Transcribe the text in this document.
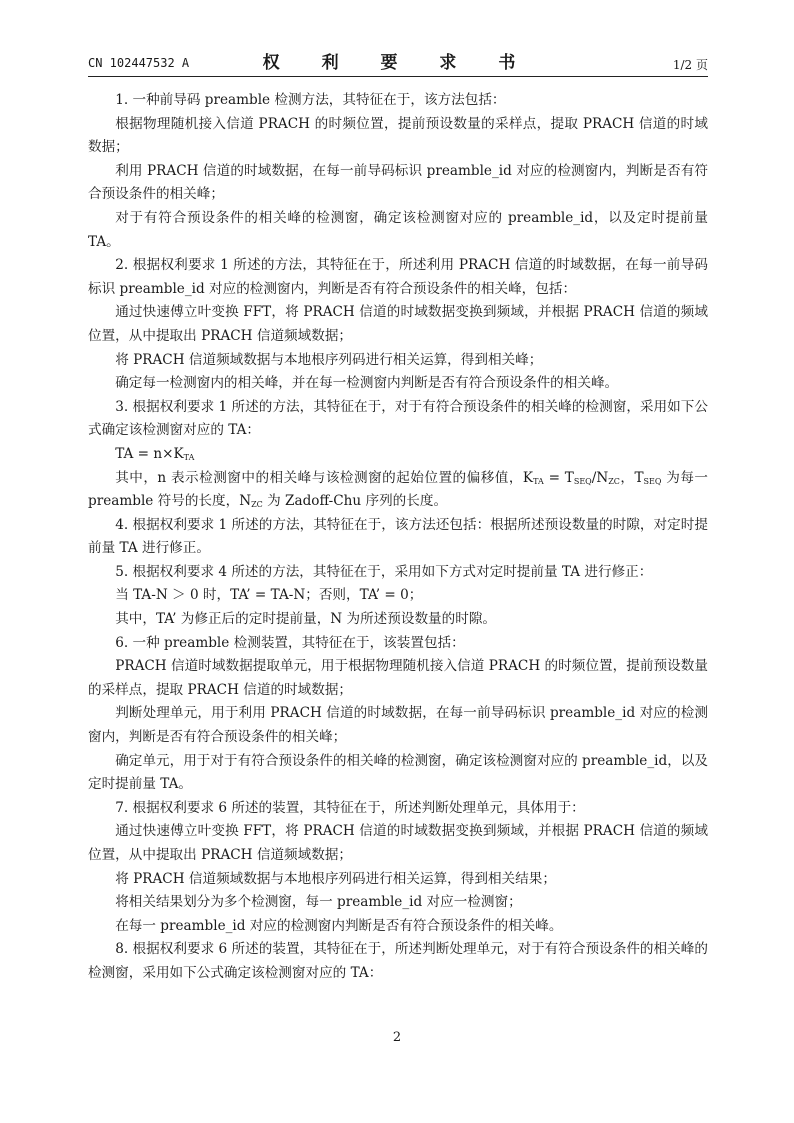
CN 102447532 A	权 利 要 求 书	1/2 页

1. 一种前导码 preamble 检测方法，其特征在于，该方法包括：

根据物理随机接入信道 PRACH 的时频位置，提前预设数量的采样点，提取 PRACH 信道的时域数据；

利用 PRACH 信道的时域数据，在每一前导码标识 preamble_id 对应的检测窗内，判断是否有符合预设条件的相关峰；

对于有符合预设条件的相关峰的检测窗，确定该检测窗对应的 preamble_id，以及定时提前量 TA。

2. 根据权利要求 1 所述的方法，其特征在于，所述利用 PRACH 信道的时域数据，在每一前导码标识 preamble_id 对应的检测窗内，判断是否有符合预设条件的相关峰，包括：

通过快速傅立叶变换 FFT，将 PRACH 信道的时域数据变换到频域，并根据 PRACH 信道的频域位置，从中提取出 PRACH 信道频域数据；

将 PRACH 信道频域数据与本地根序列码进行相关运算，得到相关峰；

确定每一检测窗内的相关峰，并在每一检测窗内判断是否有符合预设条件的相关峰。

3. 根据权利要求 1 所述的方法，其特征在于，对于有符合预设条件的相关峰的检测窗，采用如下公式确定该检测窗对应的 TA：

TA = $n\times K_{TA}$

其中，n 表示检测窗中的相关峰与该检测窗的起始位置的偏移值，$K_{TA} = T_{SEQ}/N_{ZC}$，$T_{SEQ}$ 为每一 preamble 符号的长度，$N_{ZC}$ 为 Zadoff-Chu 序列的长度。

4. 根据权利要求 1 所述的方法，其特征在于，该方法还包括：根据所述预设数量的时隙，对定时提前量 TA 进行修正。

5. 根据权利要求 4 所述的方法，其特征在于，采用如下方式对定时提前量 TA 进行修正：

当 TA-N ＞ 0 时，TA’ = TA-N；否则，TA’ = 0；

其中，TA’ 为修正后的定时提前量，N 为所述预设数量的时隙。

6. 一种 preamble 检测装置，其特征在于，该装置包括：

PRACH 信道时域数据提取单元，用于根据物理随机接入信道 PRACH 的时频位置，提前预设数量的采样点，提取 PRACH 信道的时域数据；

判断处理单元，用于利用 PRACH 信道的时域数据，在每一前导码标识 preamble_id 对应的检测窗内，判断是否有符合预设条件的相关峰；

确定单元，用于对于有符合预设条件的相关峰的检测窗，确定该检测窗对应的 preamble_id，以及定时提前量 TA。

7. 根据权利要求 6 所述的装置，其特征在于，所述判断处理单元，具体用于：

通过快速傅立叶变换 FFT，将 PRACH 信道的时域数据变换到频域，并根据 PRACH 信道的频域位置，从中提取出 PRACH 信道频域数据；

将 PRACH 信道频域数据与本地根序列码进行相关运算，得到相关结果；

将相关结果划分为多个检测窗，每一 preamble_id 对应一检测窗；

在每一 preamble_id 对应的检测窗内判断是否有符合预设条件的相关峰。

8. 根据权利要求 6 所述的装置，其特征在于，所述判断处理单元，对于有符合预设条件的相关峰的检测窗，采用如下公式确定该检测窗对应的 TA：

2
